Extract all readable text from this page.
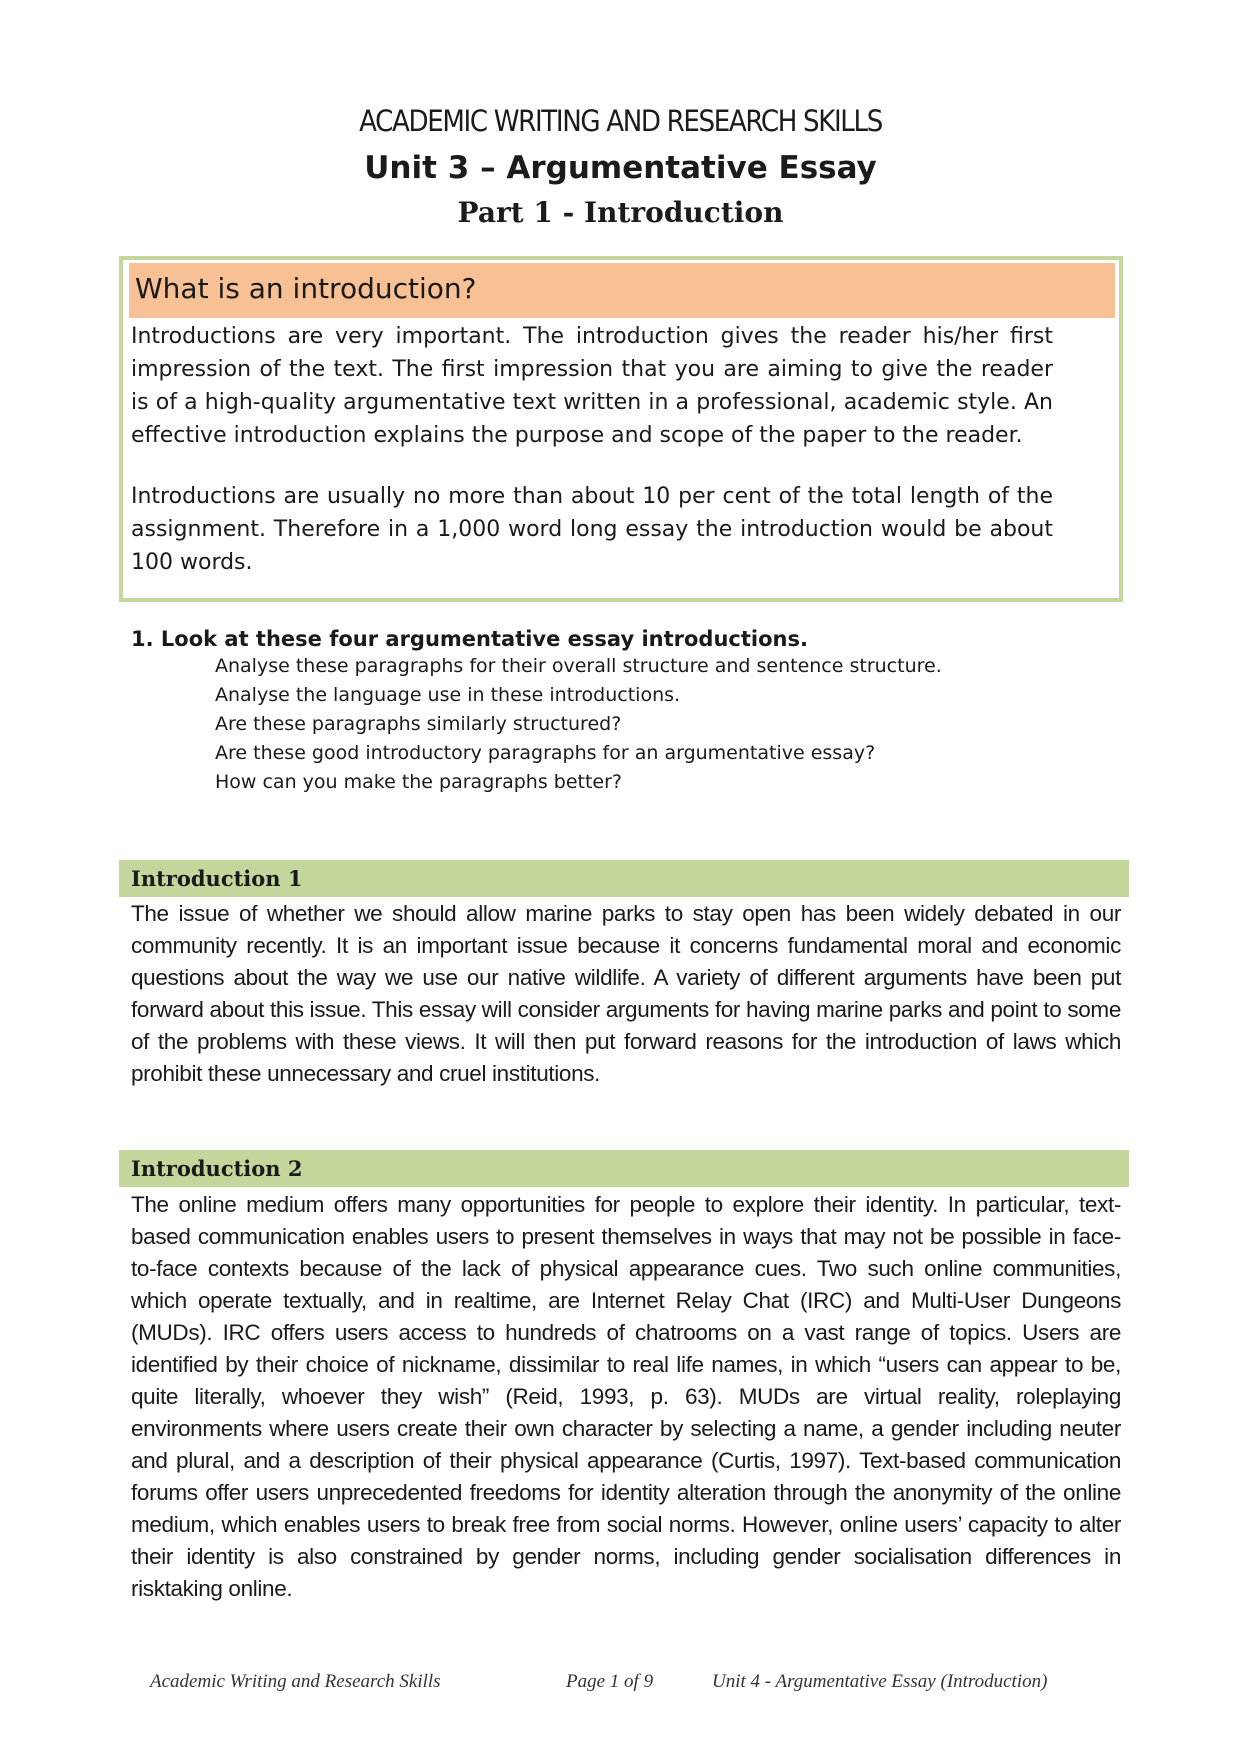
ACADEMIC WRITING AND RESEARCH SKILLS
Unit 3 – Argumentative Essay
Part 1 - Introduction
What is an introduction?

Introductions are very important. The introduction gives the reader his/her first impression of the text. The first impression that you are aiming to give the reader is of a high-quality argumentative text written in a professional, academic style. An effective introduction explains the purpose and scope of the paper to the reader.

Introductions are usually no more than about 10 per cent of the total length of the assignment. Therefore in a 1,000 word long essay the introduction would be about 100 words.

1. Look at these four argumentative essay introductions.
Analyse these paragraphs for their overall structure and sentence structure.
Analyse the language use in these introductions.
Are these paragraphs similarly structured?
Are these good introductory paragraphs for an argumentative essay?
How can you make the paragraphs better?
Introduction 1
The issue of whether we should allow marine parks to stay open has been widely debated in our community recently. It is an important issue because it concerns fundamental moral and economic questions about the way we use our native wildlife. A variety of different arguments have been put forward about this issue. This essay will consider arguments for having marine parks and point to some of the problems with these views. It will then put forward reasons for the introduction of laws which prohibit these unnecessary and cruel institutions.
Introduction 2
The online medium offers many opportunities for people to explore their identity. In particular, text-based communication enables users to present themselves in ways that may not be possible in face-to-face contexts because of the lack of physical appearance cues. Two such online communities, which operate textually, and in realtime, are Internet Relay Chat (IRC) and Multi-User Dungeons (MUDs). IRC offers users access to hundreds of chatrooms on a vast range of topics. Users are identified by their choice of nickname, dissimilar to real life names, in which “users can appear to be, quite literally, whoever they wish” (Reid, 1993, p. 63). MUDs are virtual reality, roleplaying environments where users create their own character by selecting a name, a gender including neuter and plural, and a description of their physical appearance (Curtis, 1997). Text-based communication forums offer users unprecedented freedoms for identity alteration through the anonymity of the online medium, which enables users to break free from social norms. However, online users’ capacity to alter their identity is also constrained by gender norms, including gender socialisation differences in risktaking online.
Academic Writing and Research Skills	Page 1 of 9	Unit 4 - Argumentative Essay (Introduction)
